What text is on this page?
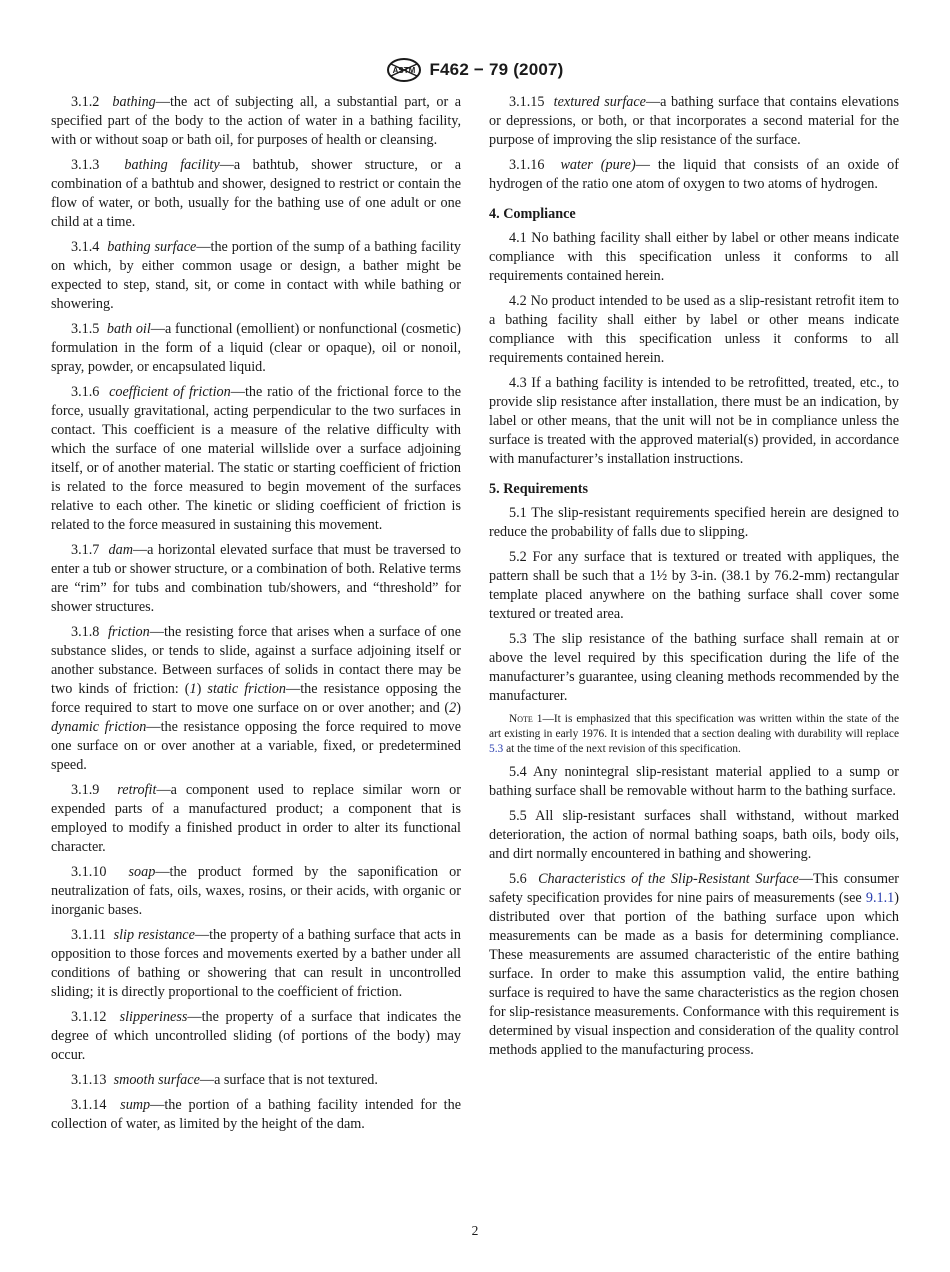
ASTM F462 − 79 (2007)

3.1.2 bathing—the act of subjecting all, a substantial part, or a specified part of the body to the action of water in a bathing facility, with or without soap or bath oil, for purposes of health or cleansing.

3.1.3 bathing facility—a bathtub, shower structure, or a combination of a bathtub and shower, designed to restrict or contain the flow of water, or both, usually for the bathing use of one adult or one child at a time.

3.1.4 bathing surface—the portion of the sump of a bathing facility on which, by either common usage or design, a bather might be expected to step, stand, sit, or come in contact with while bathing or showering.

3.1.5 bath oil—a functional (emollient) or nonfunctional (cosmetic) formulation in the form of a liquid (clear or opaque), oil or nonoil, spray, powder, or encapsulated liquid.

3.1.6 coefficient of friction—the ratio of the frictional force to the force, usually gravitational, acting perpendicular to the two surfaces in contact. This coefficient is a measure of the relative difficulty with which the surface of one material willslide over a surface adjoining itself, or of another material. The static or starting coefficient of friction is related to the force measured to begin movement of the surfaces relative to each other. The kinetic or sliding coefficient of friction is related to the force measured in sustaining this movement.

3.1.7 dam—a horizontal elevated surface that must be traversed to enter a tub or shower structure, or a combination of both. Relative terms are “rim” for tubs and combination tub/showers, and “threshold” for shower structures.

3.1.8 friction—the resisting force that arises when a surface of one substance slides, or tends to slide, against a surface adjoining itself or another substance. Between surfaces of solids in contact there may be two kinds of friction: (1) static friction—the resistance opposing the force required to start to move one surface on or over another; and (2) dynamic friction—the resistance opposing the force required to move one surface on or over another at a variable, fixed, or predetermined speed.

3.1.9 retrofit—a component used to replace similar worn or expended parts of a manufactured product; a component that is employed to modify a finished product in order to alter its functional character.

3.1.10 soap—the product formed by the saponification or neutralization of fats, oils, waxes, rosins, or their acids, with organic or inorganic bases.

3.1.11 slip resistance—the property of a bathing surface that acts in opposition to those forces and movements exerted by a bather under all conditions of bathing or showering that can result in uncontrolled sliding; it is directly proportional to the coefficient of friction.

3.1.12 slipperiness—the property of a surface that indicates the degree of which uncontrolled sliding (of portions of the body) may occur.

3.1.13 smooth surface—a surface that is not textured.

3.1.14 sump—the portion of a bathing facility intended for the collection of water, as limited by the height of the dam.

3.1.15 textured surface—a bathing surface that contains elevations or depressions, or both, or that incorporates a second material for the purpose of improving the slip resistance of the surface.

3.1.16 water (pure)— the liquid that consists of an oxide of hydrogen of the ratio one atom of oxygen to two atoms of hydrogen.

4. Compliance

4.1 No bathing facility shall either by label or other means indicate compliance with this specification unless it conforms to all requirements contained herein.

4.2 No product intended to be used as a slip-resistant retrofit item to a bathing facility shall either by label or other means indicate compliance with this specification unless it conforms to all requirements contained herein.

4.3 If a bathing facility is intended to be retrofitted, treated, etc., to provide slip resistance after installation, there must be an indication, by label or other means, that the unit will not be in compliance unless the surface is treated with the approved material(s) provided, in accordance with manufacturer’s installation instructions.

5. Requirements

5.1 The slip-resistant requirements specified herein are designed to reduce the probability of falls due to slipping.

5.2 For any surface that is textured or treated with appliques, the pattern shall be such that a 1½ by 3-in. (38.1 by 76.2-mm) rectangular template placed anywhere on the bathing surface shall cover some textured or treated area.

5.3 The slip resistance of the bathing surface shall remain at or above the level required by this specification during the life of the manufacturer’s guarantee, using cleaning methods recommended by the manufacturer.

Note 1—It is emphasized that this specification was written within the state of the art existing in early 1976. It is intended that a section dealing with durability will replace 5.3 at the time of the next revision of this specification.

5.4 Any nonintegral slip-resistant material applied to a sump or bathing surface shall be removable without harm to the bathing surface.

5.5 All slip-resistant surfaces shall withstand, without marked deterioration, the action of normal bathing soaps, bath oils, body oils, and dirt normally encountered in bathing and showering.

5.6 Characteristics of the Slip-Resistant Surface—This consumer safety specification provides for nine pairs of measurements (see 9.1.1) distributed over that portion of the bathing surface upon which measurements can be made as a basis for determining compliance. These measurements are assumed characteristic of the entire bathing surface. In order to make this assumption valid, the entire bathing surface is required to have the same characteristics as the region chosen for slip-resistance measurements. Conformance with this requirement is determined by visual inspection and consideration of the quality control methods applied to the manufacturing process.

2
